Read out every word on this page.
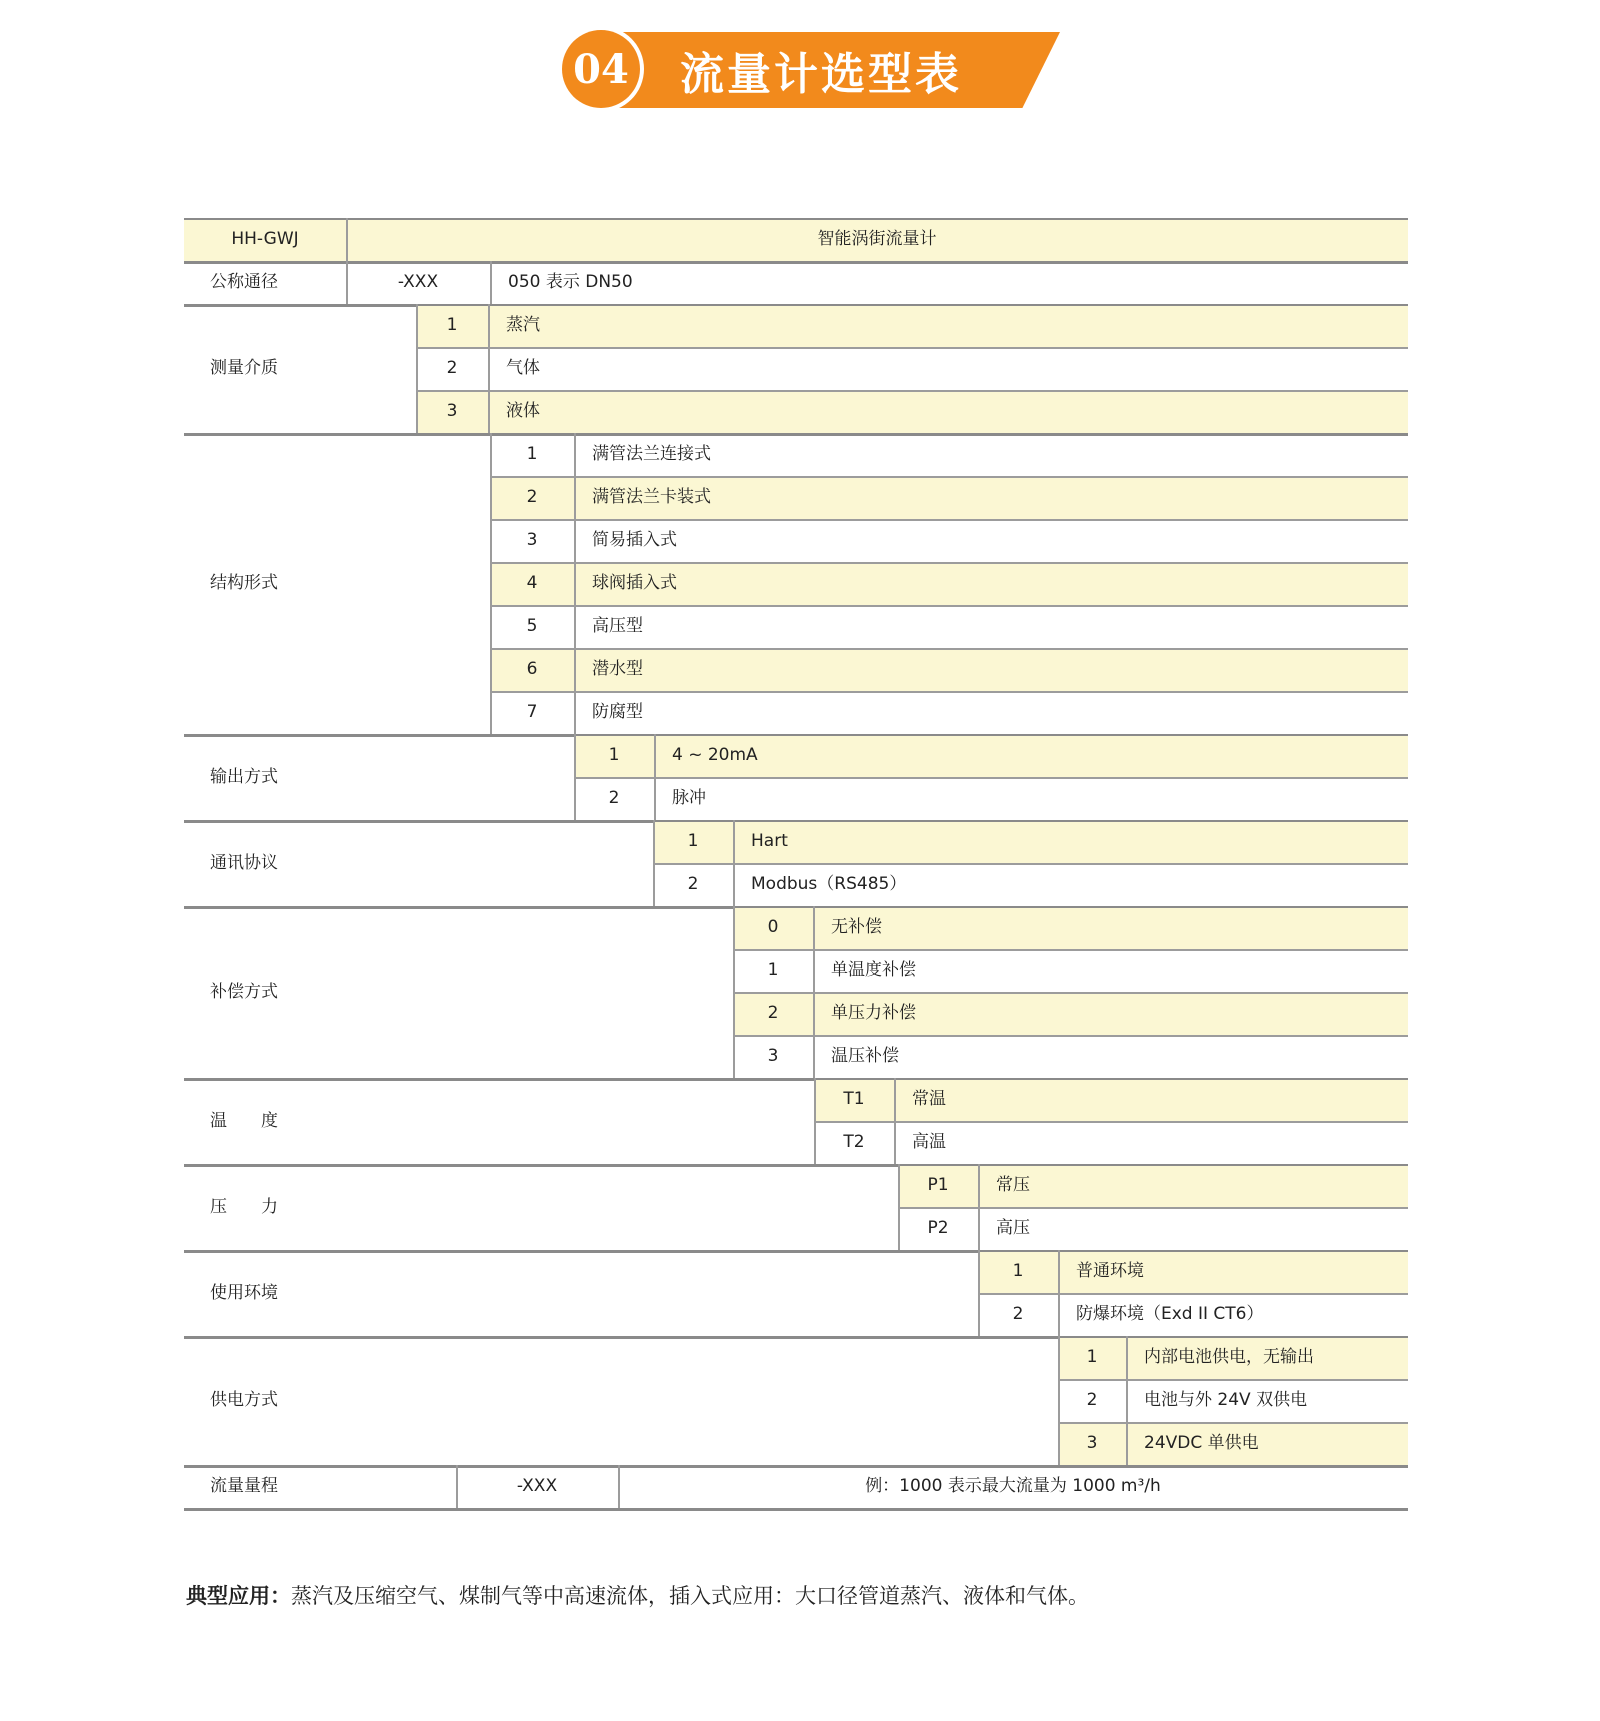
04 流量计选型表
HH-GWJ	智能涡街流量计
公称通径	-XXX	050 表示 DN50
测量介质
1	蒸汽
2	气体
3	液体
结构形式
1	满管法兰连接式
2	满管法兰卡装式
3	简易插入式
4	球阀插入式
5	高压型
6	潜水型
7	防腐型
输出方式
1	4 ~ 20mA
2	脉冲
通讯协议
1	Hart
2	Modbus（RS485）
补偿方式
0	无补偿
1	单温度补偿
2	单压力补偿
3	温压补偿
温　　度
T1	常温
T2	高温
压　　力
P1	常压
P2	高压
使用环境
1	普通环境
2	防爆环境（Exd II CT6）
供电方式
1	内部电池供电，无输出
2	电池与外 24V 双供电
3	24VDC 单供电
流量量程	-XXX	例：1000 表示最大流量为 1000 m³/h
典型应用：蒸汽及压缩空气、煤制气等中高速流体，插入式应用：大口径管道蒸汽、液体和气体。
